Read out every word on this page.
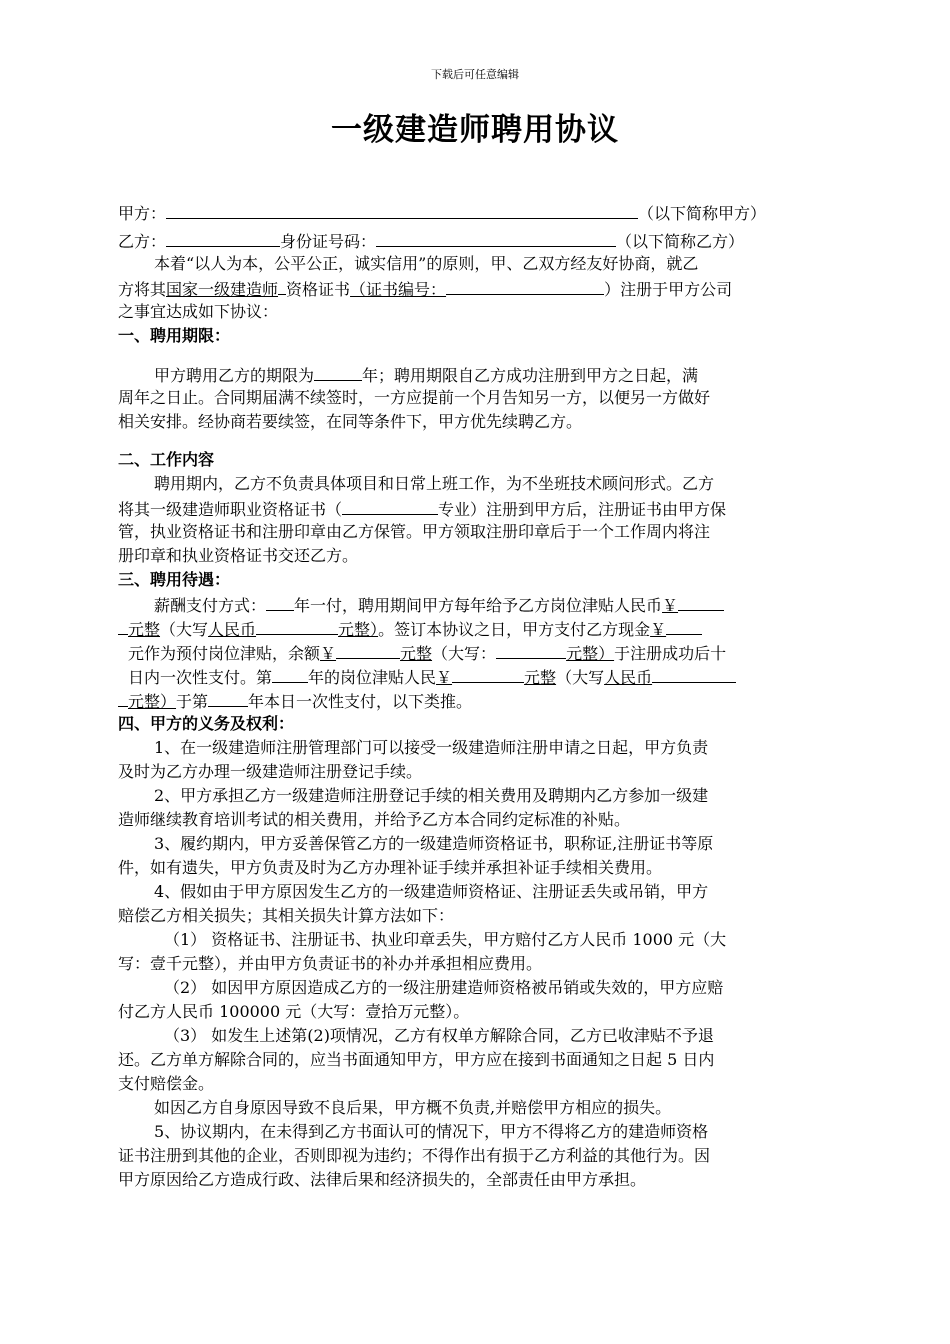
下载后可任意编辑
一级建造师聘用协议
甲方：	（以下简称甲方）
乙方：	身份证号码：	（以下简称乙方）
本着“以人为本，公平公正，诚实信用”的原则，甲、乙双方经友好协商，就乙
方将其国家一级建造师 资格证书（证书编号：	）注册于甲方公司
之事宜达成如下协议：
一、聘用期限：
甲方聘用乙方的期限为	年；聘用期限自乙方成功注册到甲方之日起，满
周年之日止。合同期届满不续签时，一方应提前一个月告知另一方，以便另一方做好
相关安排。经协商若要续签，在同等条件下，甲方优先续聘乙方。
二、工作内容
聘用期内，乙方不负责具体项目和日常上班工作，为不坐班技术顾问形式。乙方
将其一级建造师职业资格证书（	专业）注册到甲方后，注册证书由甲方保
管，执业资格证书和注册印章由乙方保管。甲方领取注册印章后于一个工作周内将注
册印章和执业资格证书交还乙方。
三、聘用待遇：
薪酬支付方式： 年一付，聘用期间甲方每年给予乙方岗位津贴人民币￥
元整（大写人民币	元整）。签订本协议之日，甲方支付乙方现金￥
元作为预付岗位津贴，余额￥	元整（大写：	元整）于注册成功后十
日内一次性支付。第 年的岗位津贴人民￥	元整（大写人民币
元整）于第	年本日一次性支付，以下类推。
四、甲方的义务及权利：
1、在一级建造师注册管理部门可以接受一级建造师注册申请之日起，甲方负责
及时为乙方办理一级建造师注册登记手续。
2、甲方承担乙方一级建造师注册登记手续的相关费用及聘期内乙方参加一级建
造师继续教育培训考试的相关费用，并给予乙方本合同约定标准的补贴。
3、履约期内，甲方妥善保管乙方的一级建造师资格证书，职称证,注册证书等原
件，如有遗失，甲方负责及时为乙方办理补证手续并承担补证手续相关费用。
4、假如由于甲方原因发生乙方的一级建造师资格证、注册证丢失或吊销，甲方
赔偿乙方相关损失；其相关损失计算方法如下：
（1） 资格证书、注册证书、执业印章丢失，甲方赔付乙方人民币 1000 元（大
写：壹千元整），并由甲方负责证书的补办并承担相应费用。
（2） 如因甲方原因造成乙方的一级注册建造师资格被吊销或失效的，甲方应赔
付乙方人民币 100000 元（大写：壹拾万元整）。
（3） 如发生上述第(2)项情况，乙方有权单方解除合同，乙方已收津贴不予退
还。乙方单方解除合同的，应当书面通知甲方，甲方应在接到书面通知之日起 5 日内
支付赔偿金。
如因乙方自身原因导致不良后果，甲方概不负责,并赔偿甲方相应的损失。
5、协议期内，在未得到乙方书面认可的情况下，甲方不得将乙方的建造师资格
证书注册到其他的企业，否则即视为违约；不得作出有损于乙方利益的其他行为。因
甲方原因给乙方造成行政、法律后果和经济损失的，全部责任由甲方承担。
